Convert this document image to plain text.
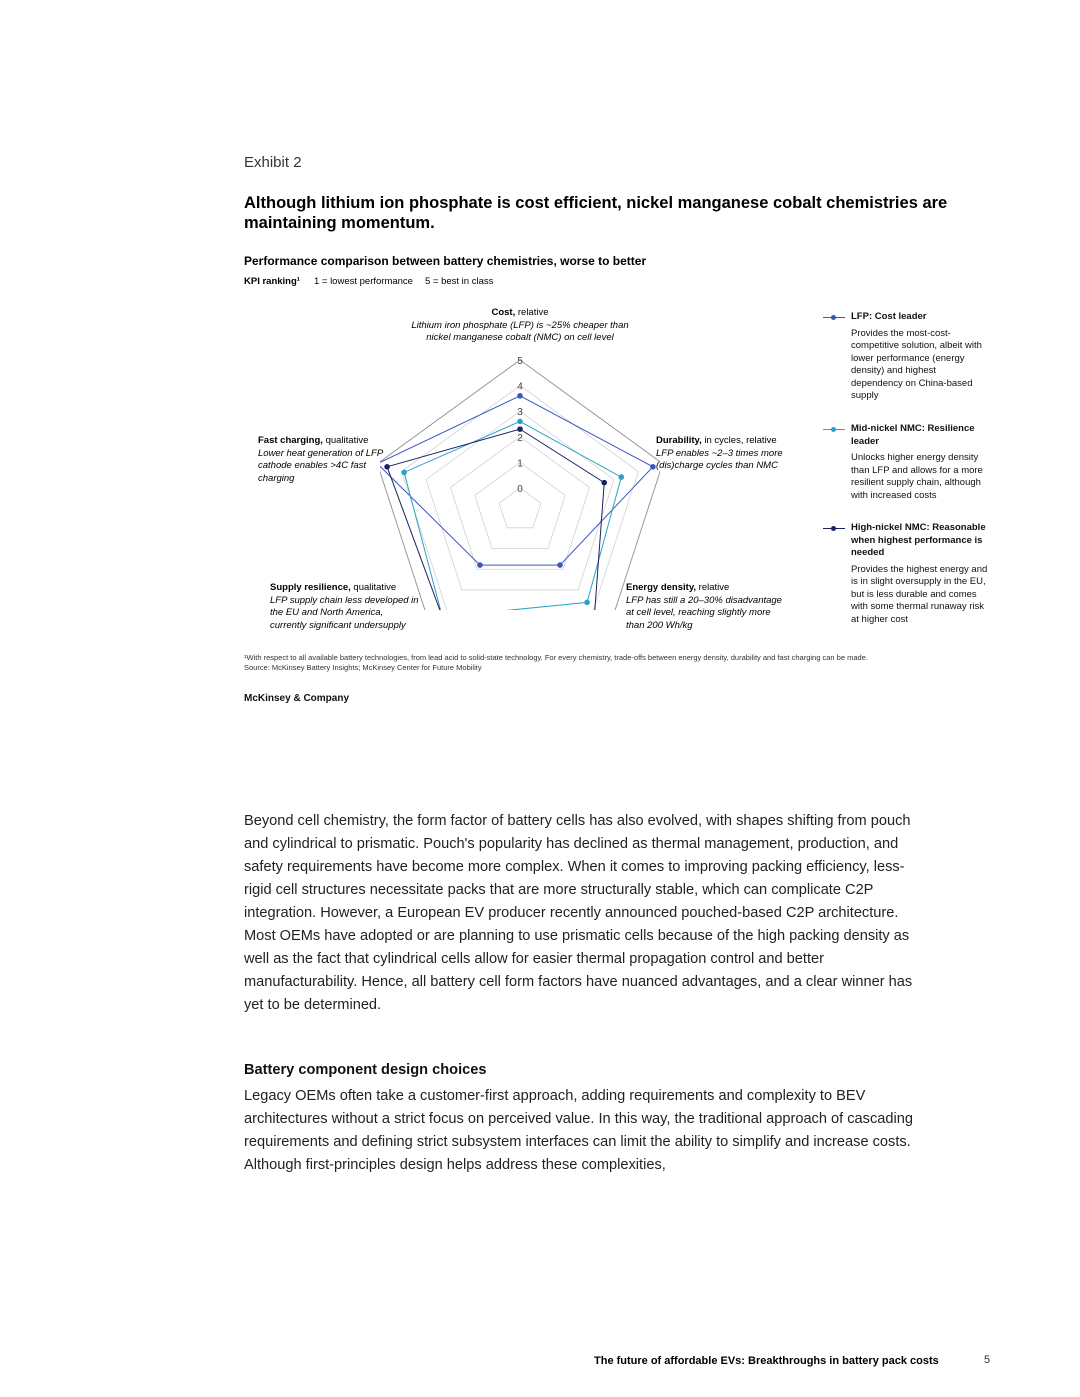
Exhibit 2
Although lithium ion phosphate is cost efficient, nickel manganese cobalt chemistries are maintaining momentum.
Performance comparison between battery chemistries, worse to better
KPI ranking¹ 1 = lowest performance 5 = best in class
0
1
2
3
4
5
Cost, relative
Lithium iron phosphate (LFP) is ~25% cheaper than nickel manganese cobalt (NMC) on cell level
Durability, in cycles, relative
LFP enables ~2–3 times more (dis)charge cycles than NMC
Energy density, relative
LFP has still a 20–30% disadvantage at cell level, reaching slightly more than 200 Wh/kg
Supply resilience, qualitative
LFP supply chain less developed in the EU and North America, currently significant undersupply
Fast charging, qualitative
Lower heat generation of LFP cathode enables >4C fast charging
LFP: Cost leader
Provides the most-cost-competitive solution, albeit with lower performance (energy density) and highest dependency on China-based supply
Mid-nickel NMC: Resilience leader
Unlocks higher energy density than LFP and allows for a more resilient supply chain, although with increased costs
High-nickel NMC: Reasonable when highest performance is needed
Provides the highest energy and is in slight oversupply in the EU, but is less durable and comes with some thermal runaway risk at higher cost
¹With respect to all available battery technologies, from lead acid to solid-state technology. For every chemistry, trade-offs between energy density, durability and fast charging can be made.
Source: McKinsey Battery Insights; McKinsey Center for Future Mobility
McKinsey & Company
Beyond cell chemistry, the form factor of battery cells has also evolved, with shapes shifting from pouch and cylindrical to prismatic. Pouch's popularity has declined as thermal management, production, and safety requirements have become more complex. When it comes to improving packing efficiency, less-rigid cell structures necessitate packs that are more structurally stable, which can complicate C2P integration. However, a European EV producer recently announced pouched-based C2P architecture. Most OEMs have adopted or are planning to use prismatic cells because of the high packing density as well as the fact that cylindrical cells allow for easier thermal propagation control and better manufacturability. Hence, all battery cell form factors have nuanced advantages, and a clear winner has yet to be determined.
Battery component design choices
Legacy OEMs often take a customer-first approach, adding requirements and complexity to BEV architectures without a strict focus on perceived value. In this way, the traditional approach of cascading requirements and defining strict subsystem interfaces can limit the ability to simplify and increase costs. Although first-principles design helps address these complexities,
The future of affordable EVs: Breakthroughs in battery pack costs	5
